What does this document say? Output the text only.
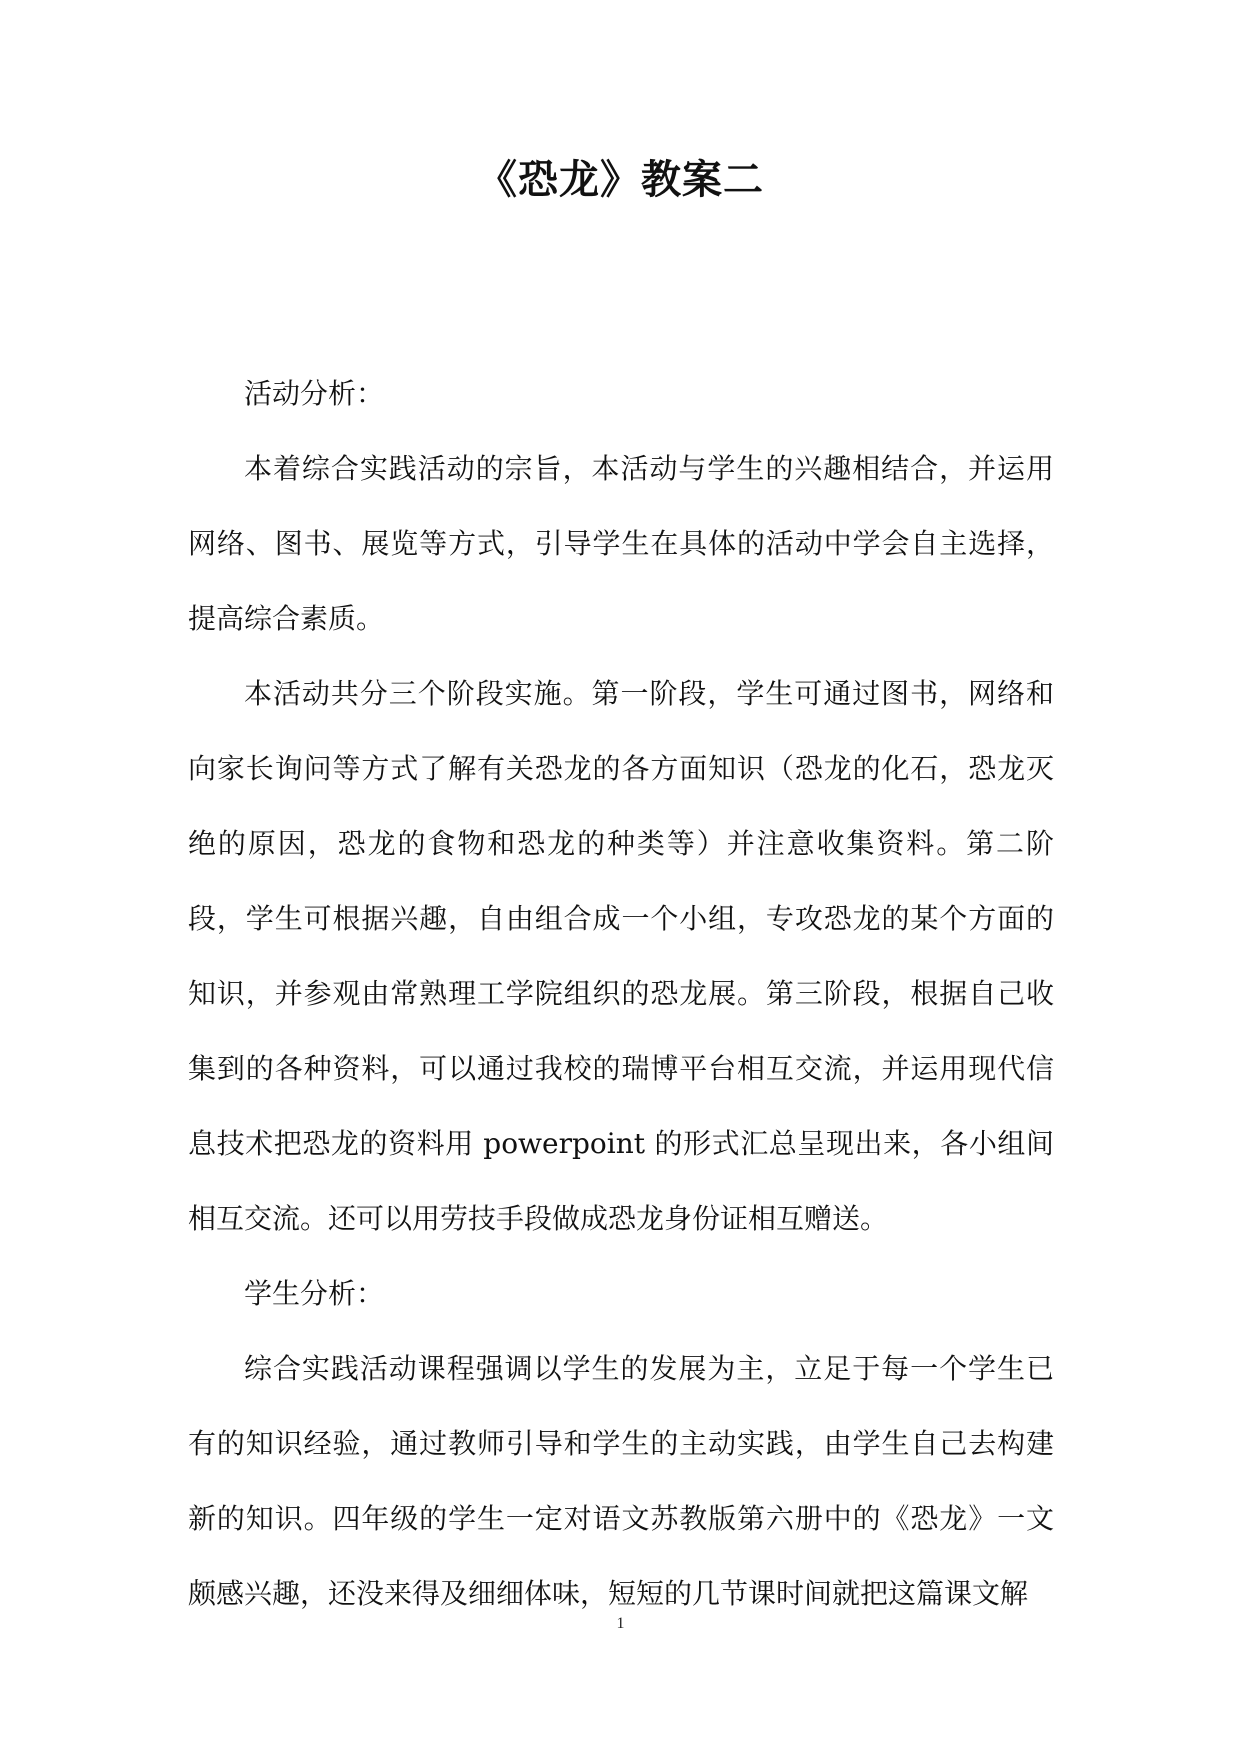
《恐龙》教案二

活动分析：

本着综合实践活动的宗旨，本活动与学生的兴趣相结合，并运用网络、图书、展览等方式，引导学生在具体的活动中学会自主选择，提高综合素质。

本活动共分三个阶段实施。第一阶段，学生可通过图书，网络和向家长询问等方式了解有关恐龙的各方面知识（恐龙的化石，恐龙灭绝的原因，恐龙的食物和恐龙的种类等）并注意收集资料。第二阶段，学生可根据兴趣，自由组合成一个小组，专攻恐龙的某个方面的知识，并参观由常熟理工学院组织的恐龙展。第三阶段，根据自己收集到的各种资料，可以通过我校的瑞博平台相互交流，并运用现代信息技术把恐龙的资料用 powerpoint 的形式汇总呈现出来，各小组间相互交流。还可以用劳技手段做成恐龙身份证相互赠送。

学生分析：

综合实践活动课程强调以学生的发展为主，立足于每一个学生已有的知识经验，通过教师引导和学生的主动实践，由学生自己去构建新的知识。四年级的学生一定对语文苏教版第六册中的《恐龙》一文颇感兴趣，还没来得及细细体味，短短的几节课时间就把这篇课文解

1
